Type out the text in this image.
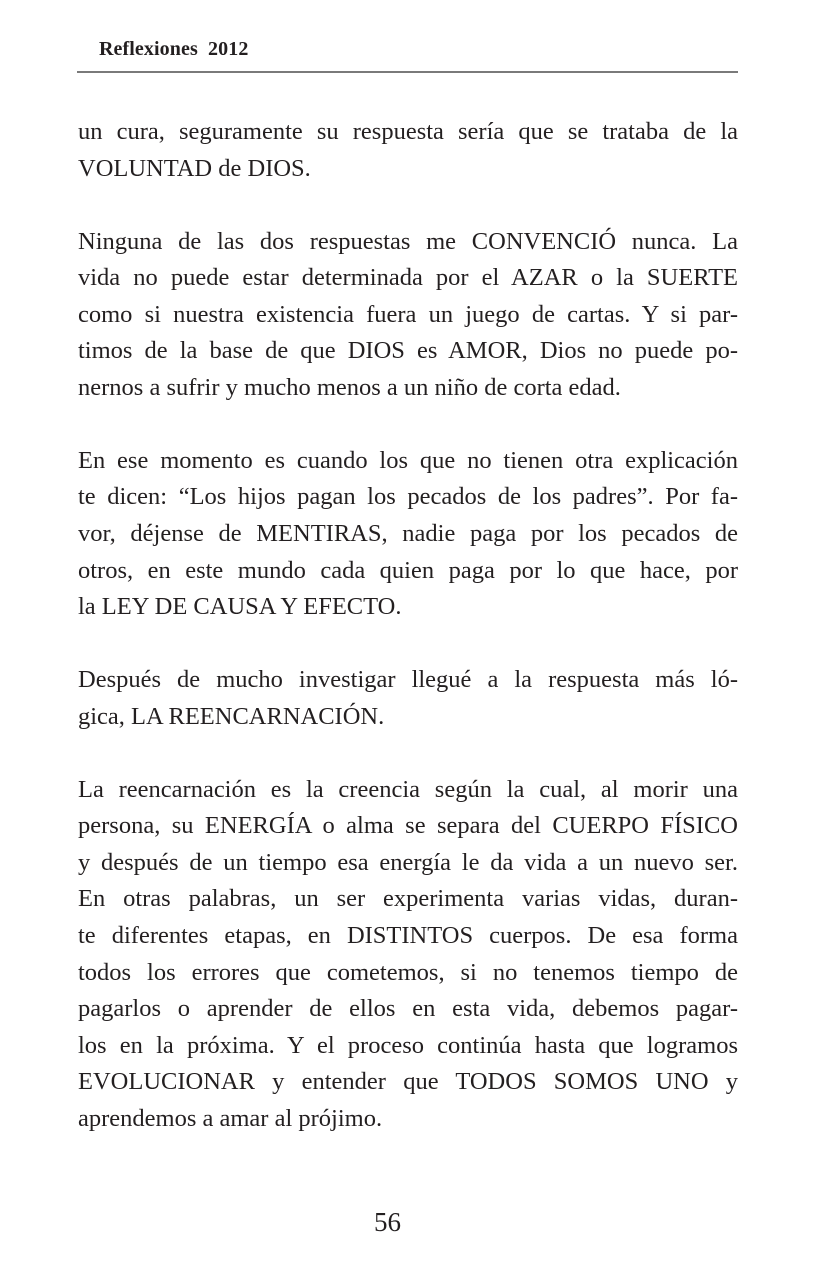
Reflexiones  2012
un cura, seguramente su respuesta sería que se trataba de la
VOLUNTAD de DIOS.
Ninguna de las dos respuestas me CONVENCIÓ nunca. La
vida no puede estar determinada por el AZAR o la SUERTE
como si nuestra existencia fuera un juego de cartas. Y si par-
timos de la base de que DIOS es AMOR, Dios no puede po-
nernos a sufrir y mucho menos a un niño de corta edad.
En ese momento es cuando los que no tienen otra explicación
te dicen: “Los hijos pagan los pecados de los padres”. Por fa-
vor, déjense de MENTIRAS, nadie paga por los pecados de
otros, en este mundo cada quien paga por lo que hace, por
la LEY DE CAUSA Y EFECTO.
Después de mucho investigar llegué a la respuesta más ló-
gica, LA REENCARNACIÓN.
La reencarnación es la creencia según la cual, al morir una
persona, su ENERGÍA o alma se separa del CUERPO FÍSICO
y después de un tiempo esa energía le da vida a un nuevo ser.
En otras palabras, un ser experimenta varias vidas, duran-
te diferentes etapas, en DISTINTOS cuerpos. De esa forma
todos los errores que cometemos, si no tenemos tiempo de
pagarlos o aprender de ellos en esta vida, debemos pagar-
los en la próxima. Y el proceso continúa hasta que logramos
EVOLUCIONAR y entender que TODOS SOMOS UNO y
aprendemos a amar al prójimo.
56
